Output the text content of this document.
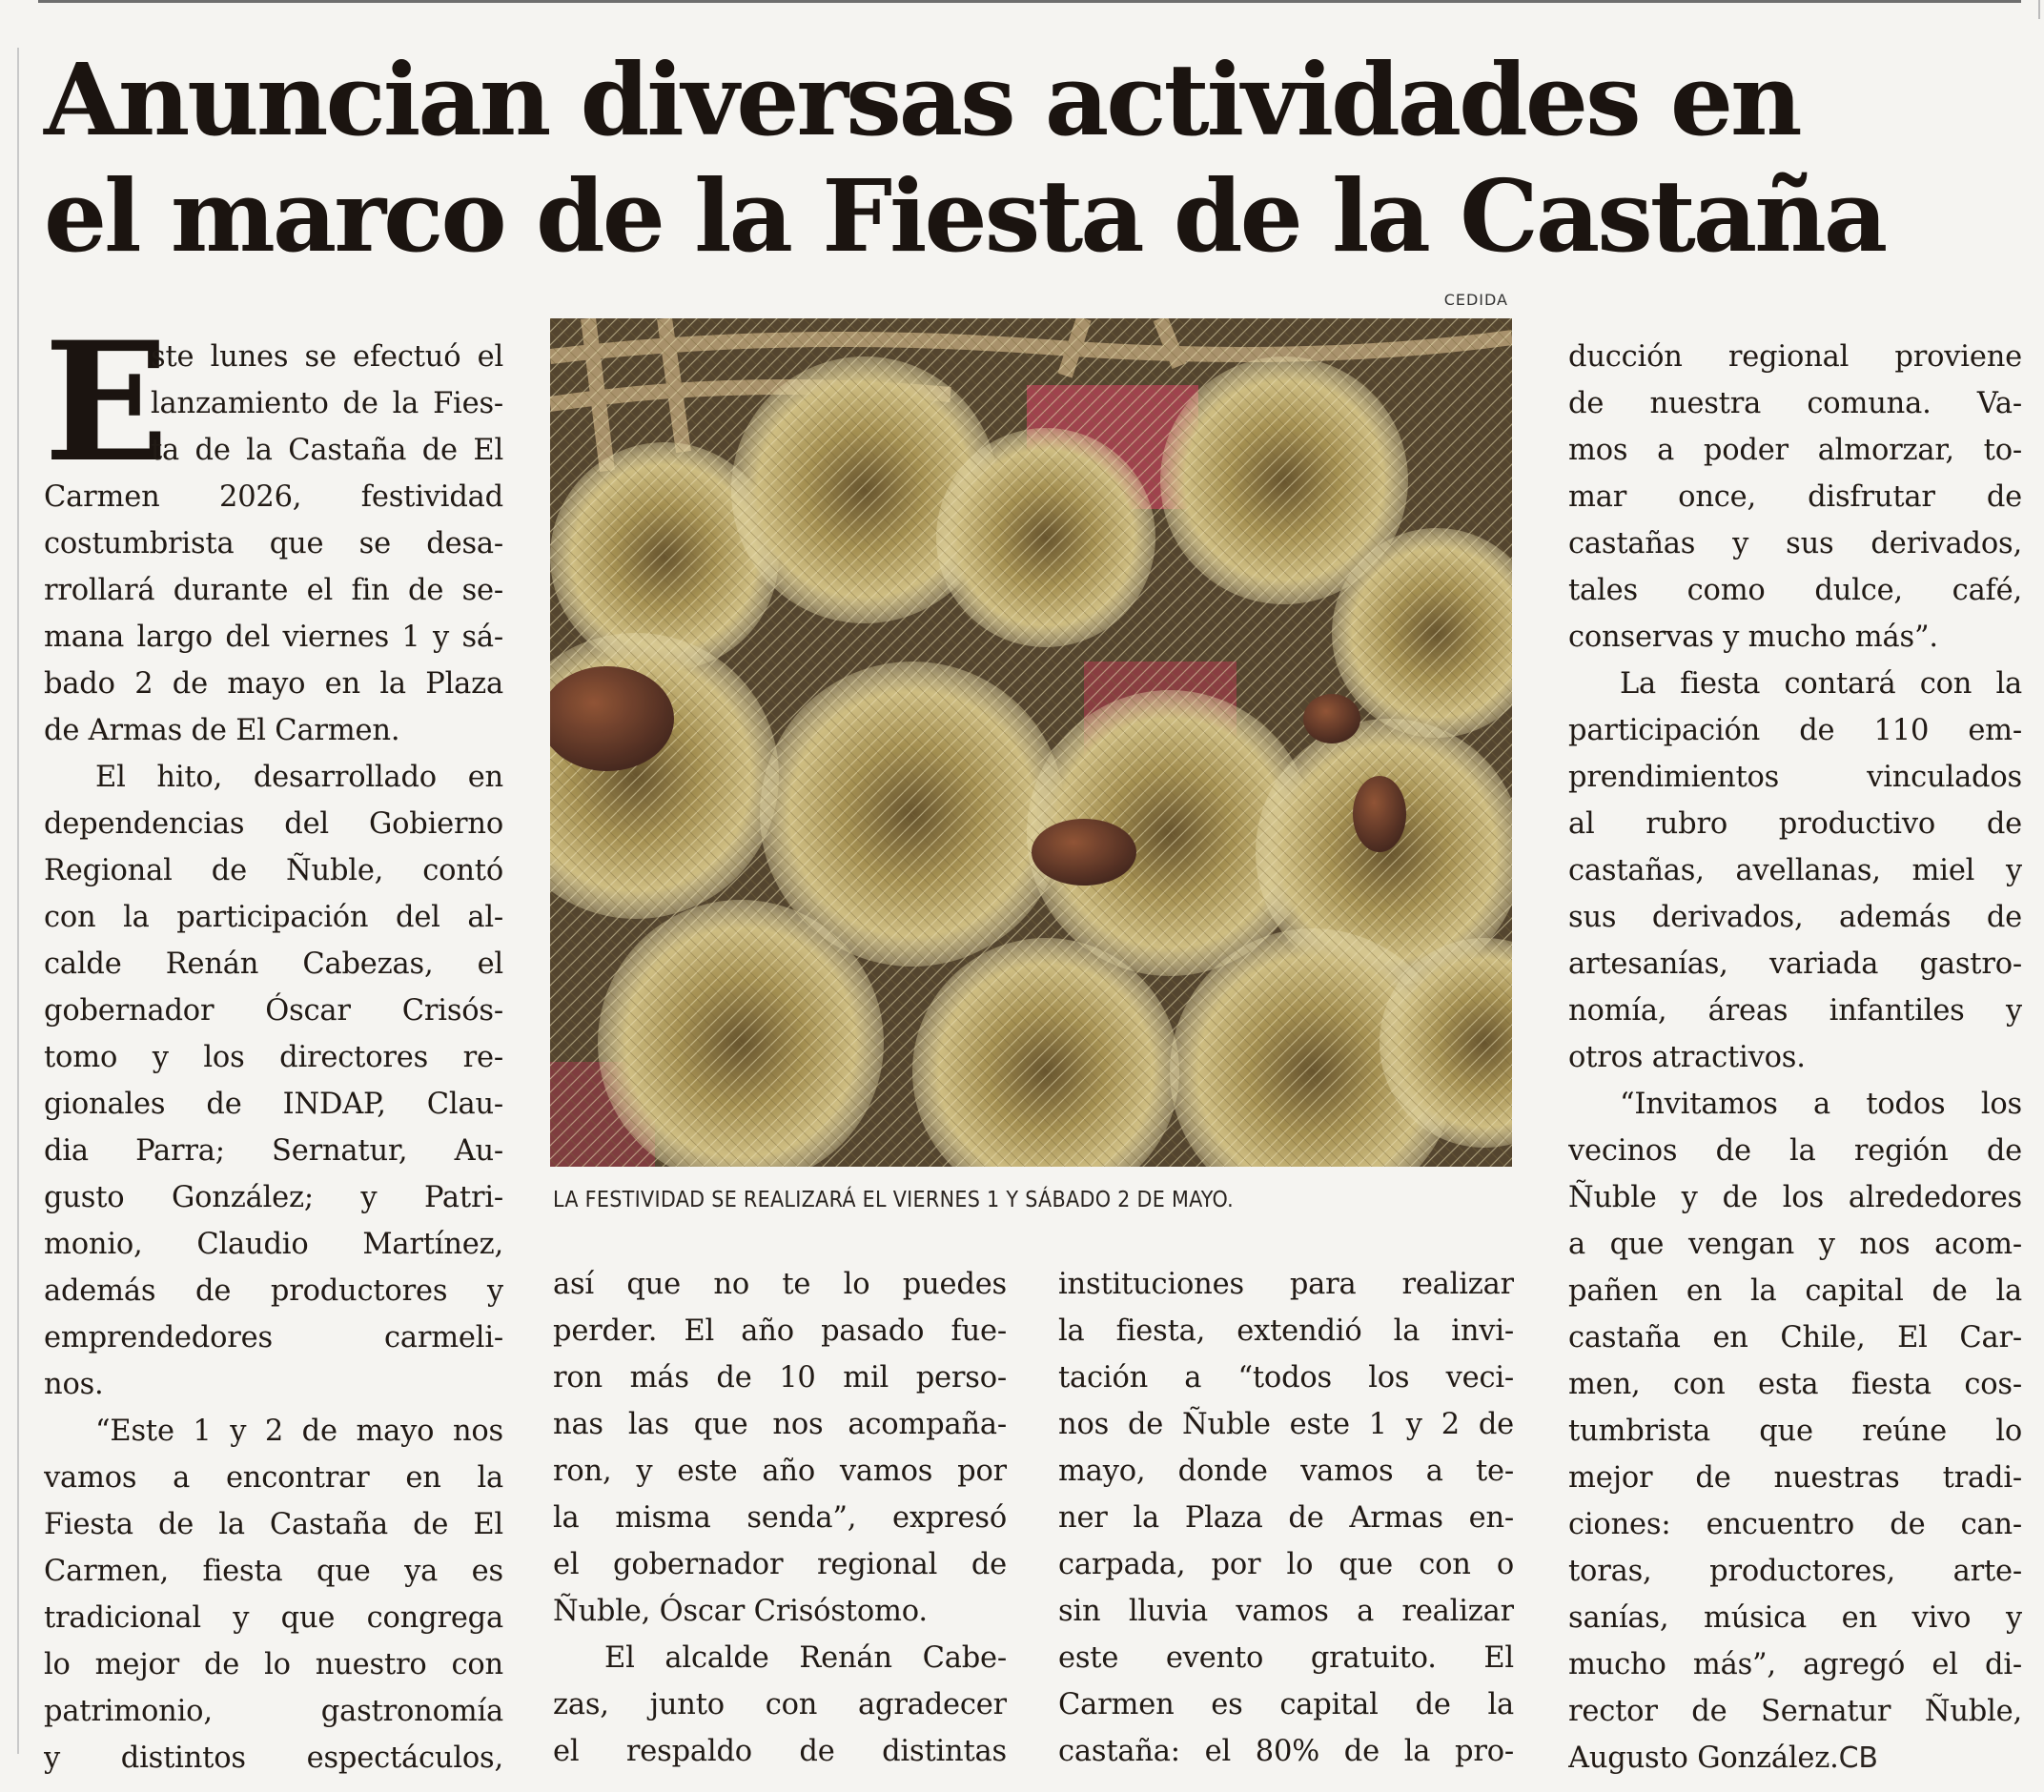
Anuncian diversas actividades en
el marco de la Fiesta de la Castaña
CEDIDA
LA FESTIVIDAD SE REALIZARÁ EL VIERNES 1 Y SÁBADO 2 DE MAYO.
E
ste lunes se efectuó el
lanzamiento de la Fies-
ta de la Castaña de El
Carmen 2026, festividad
costumbrista que se desa-
rrollará durante el fin de se-
mana largo del viernes 1 y sá-
bado 2 de mayo en la Plaza
de Armas de El Carmen.
El hito, desarrollado en
dependencias del Gobierno
Regional de Ñuble, contó
con la participación del al-
calde Renán Cabezas, el
gobernador Óscar Crisós-
tomo y los directores re-
gionales de INDAP, Clau-
dia Parra; Sernatur, Au-
gusto González; y Patri-
monio, Claudio Martínez,
además de productores y
emprendedores carmeli-
nos.
“Este 1 y 2 de mayo nos
vamos a encontrar en la
Fiesta de la Castaña de El
Carmen, fiesta que ya es
tradicional y que congrega
lo mejor de lo nuestro con
patrimonio, gastronomía
y distintos espectáculos,
así que no te lo puedes
perder. El año pasado fue-
ron más de 10 mil perso-
nas las que nos acompaña-
ron, y este año vamos por
la misma senda”, expresó
el gobernador regional de
Ñuble, Óscar Crisóstomo.
El alcalde Renán Cabe-
zas, junto con agradecer
el respaldo de distintas
instituciones para realizar
la fiesta, extendió la invi-
tación a “todos los veci-
nos de Ñuble este 1 y 2 de
mayo, donde vamos a te-
ner la Plaza de Armas en-
carpada, por lo que con o
sin lluvia vamos a realizar
este evento gratuito. El
Carmen es capital de la
castaña: el 80% de la pro-
ducción regional proviene
de nuestra comuna. Va-
mos a poder almorzar, to-
mar once, disfrutar de
castañas y sus derivados,
tales como dulce, café,
conservas y mucho más”.
La fiesta contará con la
participación de 110 em-
prendimientos vinculados
al rubro productivo de
castañas, avellanas, miel y
sus derivados, además de
artesanías, variada gastro-
nomía, áreas infantiles y
otros atractivos.
“Invitamos a todos los
vecinos de la región de
Ñuble y de los alrededores
a que vengan y nos acom-
pañen en la capital de la
castaña en Chile, El Car-
men, con esta fiesta cos-
tumbrista que reúne lo
mejor de nuestras tradi-
ciones: encuentro de can-
toras, productores, arte-
sanías, música en vivo y
mucho más”, agregó el di-
rector de Sernatur Ñuble,
Augusto González.CB
